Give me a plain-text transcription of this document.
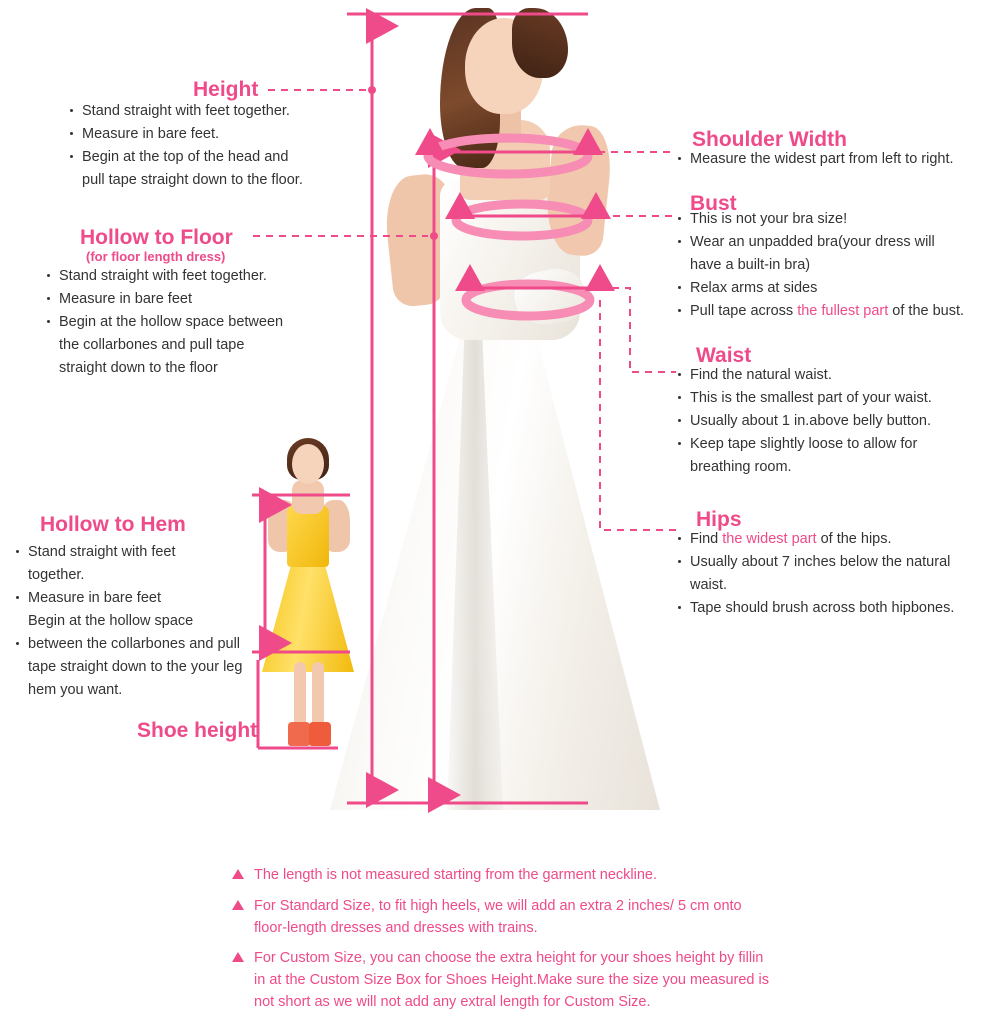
Height
Stand straight with feet together.
Measure in bare feet.
Begin at the top of the head and
pull tape straight down to the floor.
Hollow to Floor
(for floor length dress)
Stand straight with feet together.
Measure in bare feet
Begin at the hollow space between
the collarbones and pull tape
straight down to the floor
Hollow to Hem
Stand straight with feet
together.
Measure in bare feet
Begin at the hollow space
between the collarbones and pull
tape straight down to the your leg
hem you want.
Shoe height
Shoulder Width
Measure the widest part from left to right.
Bust
This is not your bra size!
Wear an unpadded bra(your dress will
have a built-in bra)
Relax arms at sides
Pull tape across the fullest part of the bust.
Waist
Find the natural waist.
This is the smallest part of your waist.
Usually about 1 in.above belly button.
Keep tape slightly loose to allow for
breathing room.
Hips
Find the widest part of the hips.
Usually about 7 inches below the natural
waist.
Tape should brush across both hipbones.
The length is not measured starting from the garment neckline.
For Standard Size, to fit high heels, we will add an extra 2 inches/ 5 cm onto
floor-length dresses and dresses with trains.
For Custom Size, you can choose the extra height for your shoes height by fillin
in at the Custom Size Box for Shoes Height.Make sure the size you measured is
not short as we will not add any extral length for Custom Size.
